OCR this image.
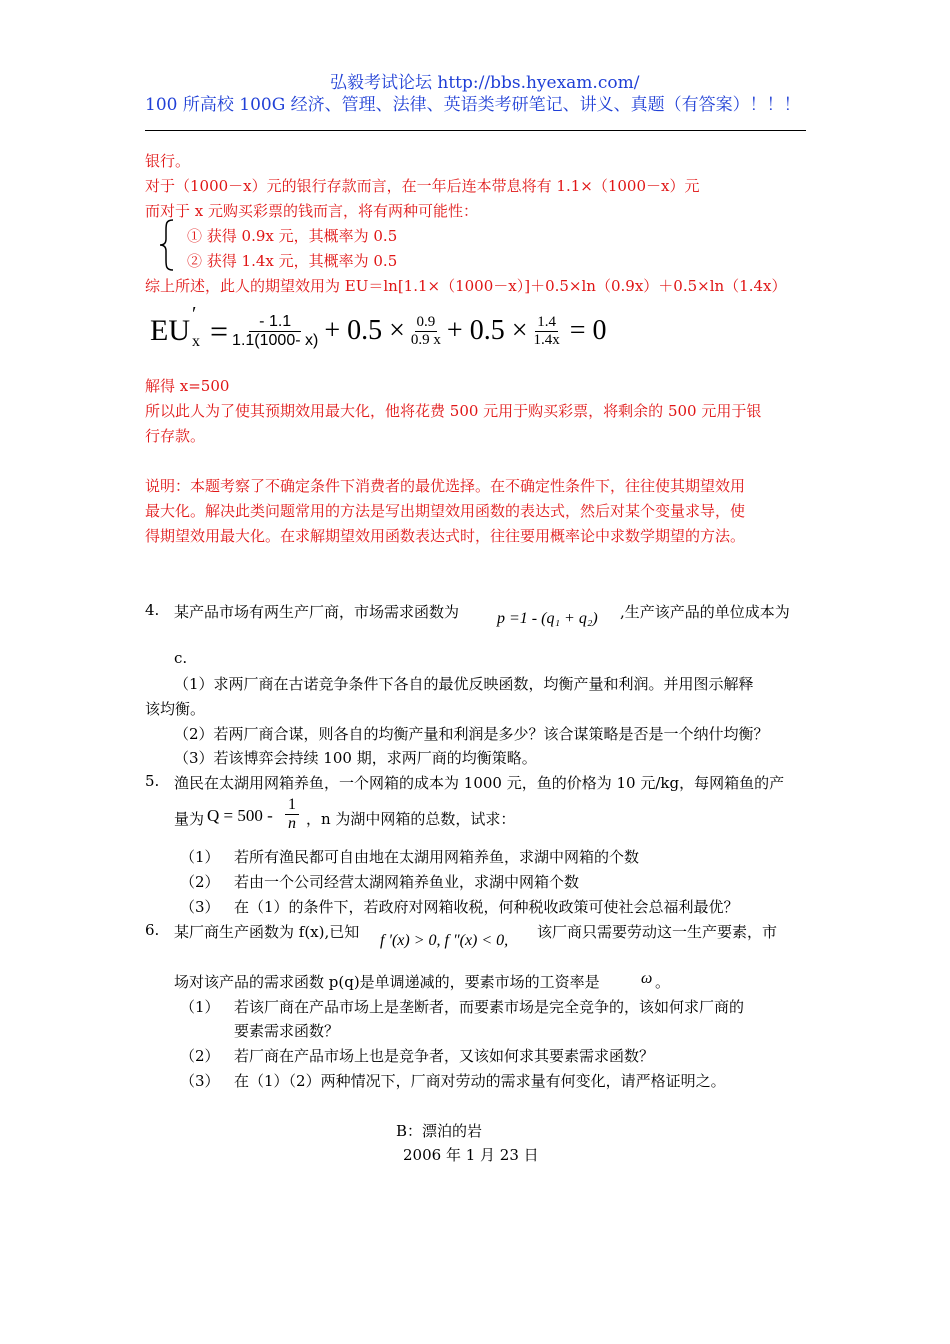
弘毅考试论坛 http://bbs.hyexam.com/
100 所高校 100G 经济、管理、法律、英语类考研笔记、讲义、真题（有答案）！！！
银行。
对于（1000－x）元的银行存款而言，在一年后连本带息将有 1.1×（1000－x）元
而对于 x 元购买彩票的钱而言，将有两种可能性：
① 获得 0.9x 元，其概率为 0.5
② 获得 1.4x 元，其概率为 0.5
综上所述，此人的期望效用为 EU＝ln[1.1×（1000－x）]＋0.5×ln（0.9x）＋0.5×ln（1.4x）
EU ′
$x = \frac{- 1.1}{1.1(1000- x)} + 0.5 \times \frac{0.9}{0.9 x} + 0.5 \times \frac{1.4}{1.4x} = 0$
解得 x=500
所以此人为了使其预期效用最大化，他将花费 500 元用于购买彩票，将剩余的 500 元用于银
行存款。
说明：本题考察了不确定条件下消费者的最优选择。在不确定性条件下，往往使其期望效用
最大化。解决此类问题常用的方法是写出期望效用函数的表达式，然后对某个变量求导，使
得期望效用最大化。在求解期望效用函数表达式时，往往要用概率论中求数学期望的方法。
4. 某产品市场有两生产厂商，市场需求函数为 p =1 - (q₁ + q₂) ,生产该产品的单位成本为
c.
（1）求两厂商在古诺竞争条件下各自的最优反映函数，均衡产量和利润。并用图示解释
该均衡。
（2）若两厂商合谋，则各自的均衡产量和利润是多少？该合谋策略是否是一个纳什均衡？
（3）若该博弈会持续 100 期，求两厂商的均衡策略。
5. 渔民在太湖用网箱养鱼，一个网箱的成本为 1000 元，鱼的价格为 10 元/kg，每网箱鱼的产
量为 $Q = 500 - \frac{1}{n}$ ，n 为湖中网箱的总数，试求：
（1） 若所有渔民都可自由地在太湖用网箱养鱼，求湖中网箱的个数
（2） 若由一个公司经营太湖网箱养鱼业，求湖中网箱个数
（3） 在（1）的条件下，若政府对网箱收税，何种税收政策可使社会总福利最优？
6. 某厂商生产函数为 f(x),已知 f ′(x) > 0, f ″(x) < 0, 该厂商只需要劳动这一生产要素，市
场对该产品的需求函数 p(q)是单调递减的，要素市场的工资率是	ω 。
（1） 若该厂商在产品市场上是垄断者，而要素市场是完全竞争的，该如何求厂商的
要素需求函数？
（2） 若厂商在产品市场上也是竞争者，又该如何求其要素需求函数？
（3） 在（1）（2）两种情况下，厂商对劳动的需求量有何变化，请严格证明之。
B：漂泊的岩
2006 年 1 月 23 日
